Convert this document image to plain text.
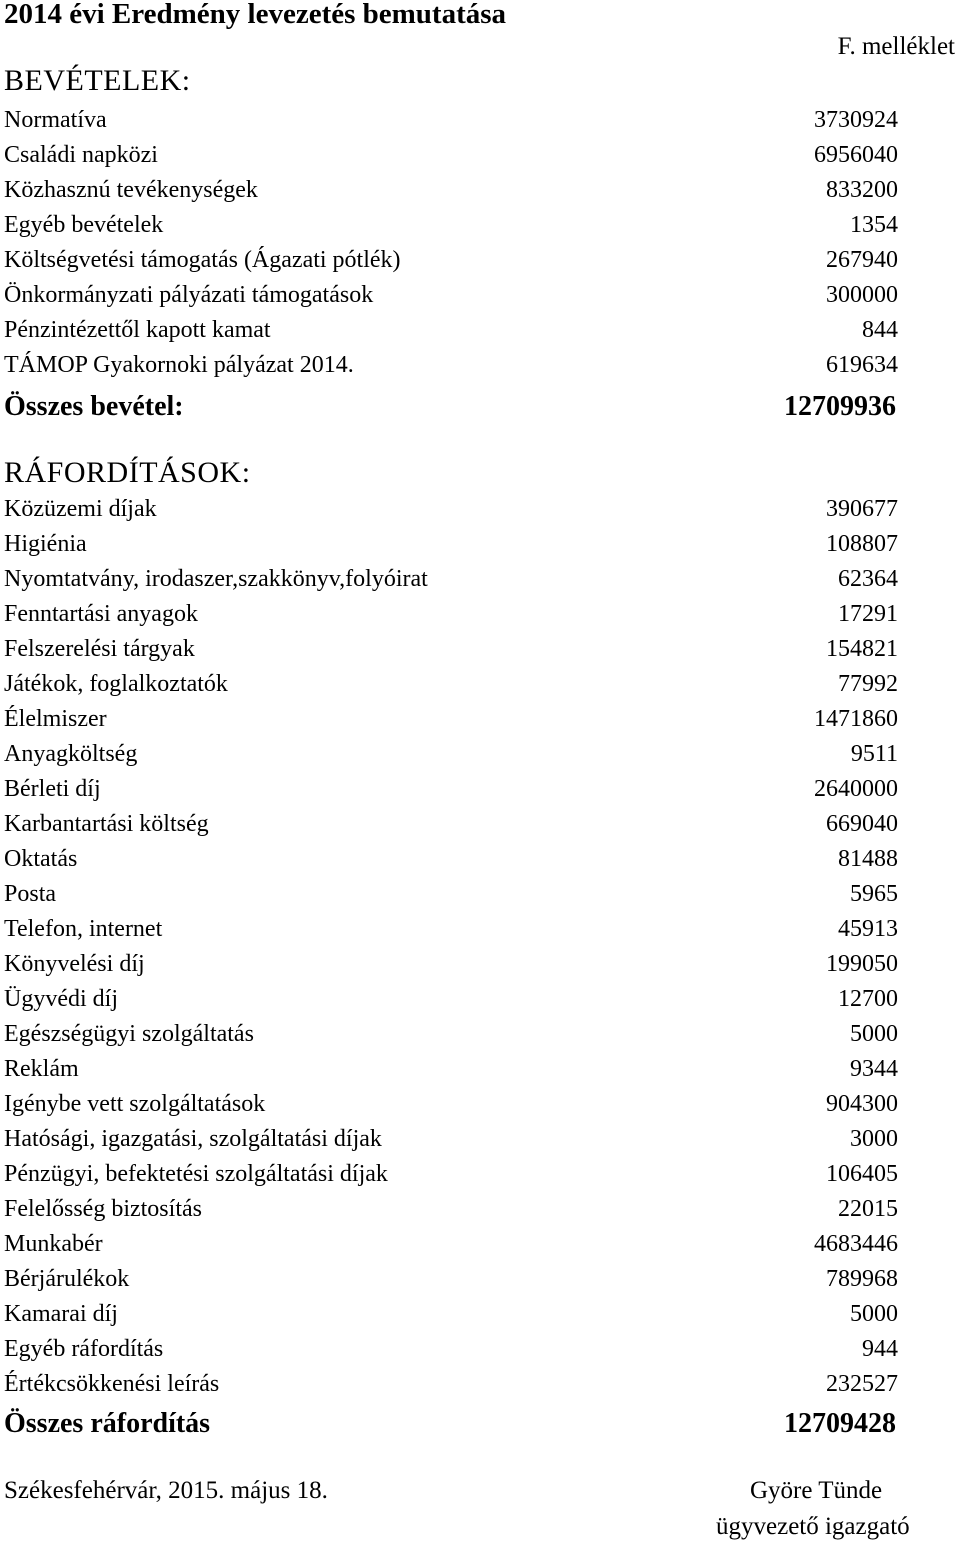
2014 évi Eredmény levezetés bemutatása
F. melléklet
BEVÉTELEK:
Normatíva	3730924
Családi napközi	6956040
Közhasznú tevékenységek	833200
Egyéb bevételek	1354
Költségvetési támogatás (Ágazati pótlék)	267940
Önkormányzati pályázati támogatások	300000
Pénzintézettől kapott kamat	844
TÁMOP Gyakornoki pályázat 2014.	619634
Összes bevétel:	12709936
RÁFORDÍTÁSOK:
Közüzemi díjak	390677
Higiénia	108807
Nyomtatvány, irodaszer,szakkönyv,folyóirat	62364
Fenntartási anyagok	17291
Felszerelési tárgyak	154821
Játékok, foglalkoztatók	77992
Élelmiszer	1471860
Anyagköltség	9511
Bérleti díj	2640000
Karbantartási költség	669040
Oktatás	81488
Posta	5965
Telefon, internet	45913
Könyvelési díj	199050
Ügyvédi díj	12700
Egészségügyi szolgáltatás	5000
Reklám	9344
Igénybe vett szolgáltatások	904300
Hatósági, igazgatási, szolgáltatási díjak	3000
Pénzügyi, befektetési szolgáltatási díjak	106405
Felelősség biztosítás	22015
Munkabér	4683446
Bérjárulékok	789968
Kamarai díj	5000
Egyéb ráfordítás	944
Értékcsökkenési leírás	232527
Összes ráfordítás	12709428
Székesfehérvár, 2015. május 18.	Györe Tünde
ügyvezető igazgató
